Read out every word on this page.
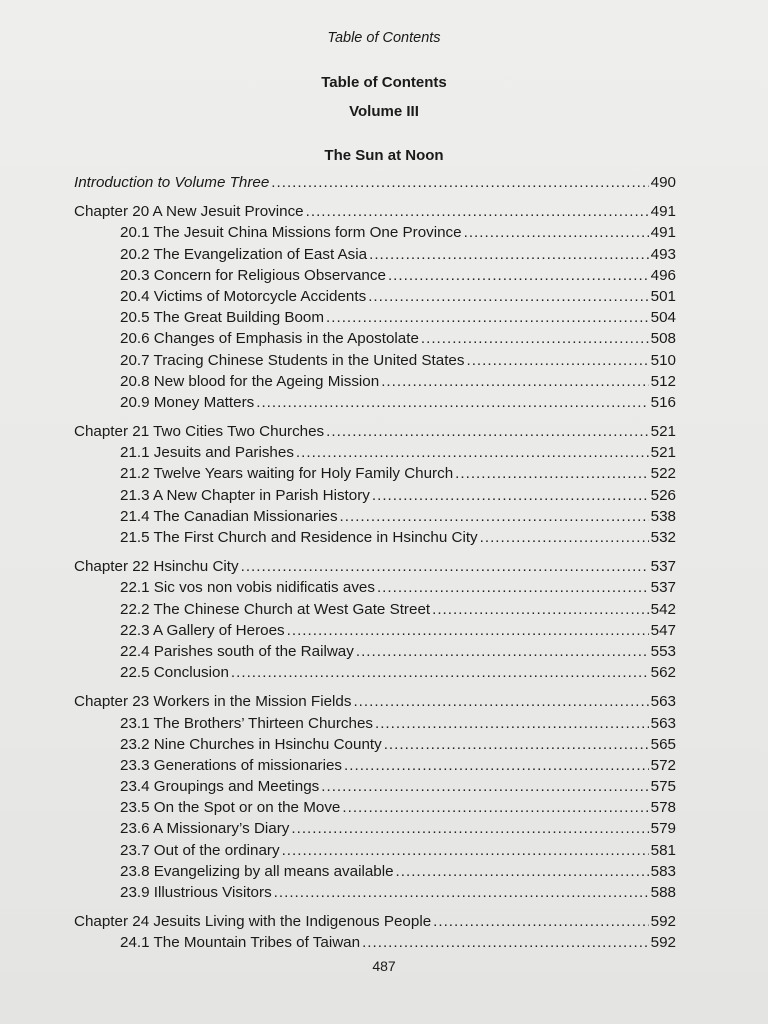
Table of Contents
Table of Contents
Volume III
The Sun at Noon
Introduction to Volume Three .....	490
Chapter 20 A New Jesuit Province .....	491
20.1 The Jesuit China Missions form One Province .....	491
20.2 The Evangelization of East Asia .....	493
20.3 Concern for Religious Observance .....	496
20.4 Victims of Motorcycle Accidents .....	501
20.5 The Great Building Boom .....	504
20.6 Changes of Emphasis in the Apostolate .....	508
20.7 Tracing Chinese Students in the United States .....	510
20.8 New blood for the Ageing Mission .....	512
20.9 Money Matters .....	516
Chapter 21 Two Cities Two Churches .....	521
21.1 Jesuits and Parishes .....	521
21.2 Twelve Years waiting for Holy Family Church .....	522
21.3 A New Chapter in Parish History .....	526
21.4 The Canadian Missionaries .....	538
21.5 The First Church and Residence in Hsinchu City .....	532
Chapter 22 Hsinchu City .....	537
22.1 Sic vos non vobis nidificatis aves .....	537
22.2 The Chinese Church at West Gate Street .....	542
22.3 A Gallery of Heroes .....	547
22.4 Parishes south of the Railway .....	553
22.5 Conclusion .....	562
Chapter 23 Workers in the Mission Fields .....	563
23.1 The Brothers’ Thirteen Churches .....	563
23.2 Nine Churches in Hsinchu County .....	565
23.3 Generations of missionaries .....	572
23.4 Groupings and Meetings .....	575
23.5 On the Spot or on the Move .....	578
23.6 A Missionary’s Diary .....	579
23.7 Out of the ordinary .....	581
23.8 Evangelizing by all means available .....	583
23.9 Illustrious Visitors .....	588
Chapter 24 Jesuits Living with the Indigenous People .....	592
24.1 The Mountain Tribes of Taiwan .....	592
487
